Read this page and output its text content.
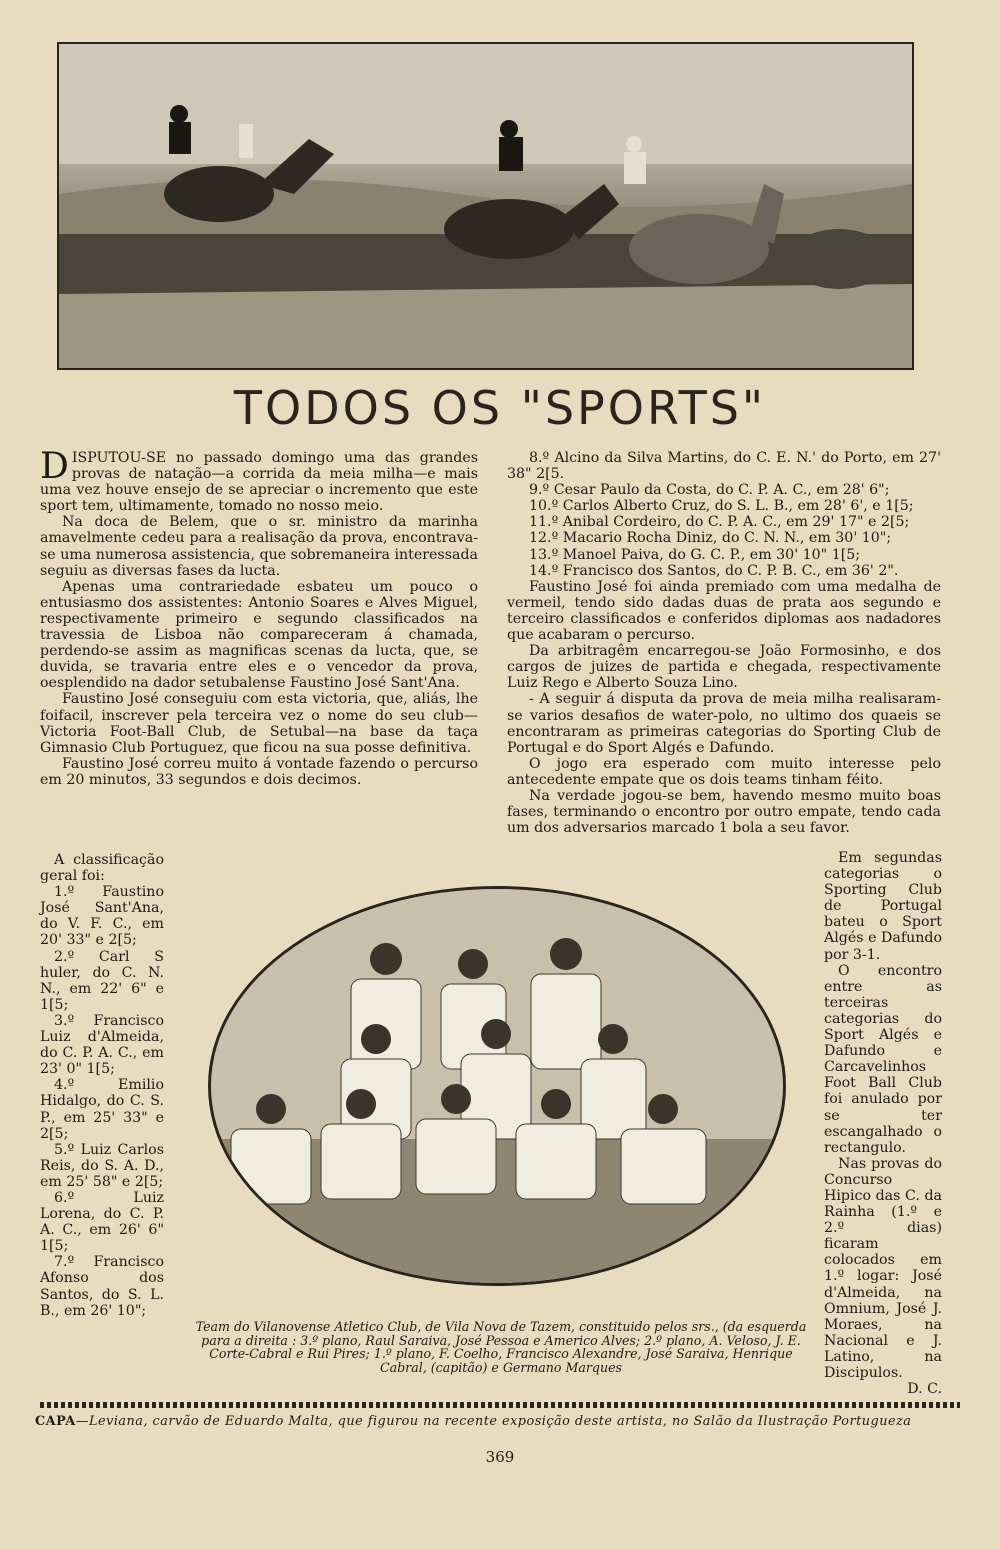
TODOS OS "SPORTS"

DISPUTOU-SE no passado domingo uma das grandes provas de natação—a corrida da meia milha—e mais uma vez houve ensejo de se apreciar o incremento que este sport tem, ultimamente, tomado no nosso meio.

Na doca de Belem, que o sr. ministro da marinha amavelmente cedeu para a realisação da prova, encontrava-se uma numerosa assistencia, que sobremaneira interessada seguiu as diversas fases da lucta.

Apenas uma contrariedade esbateu um pouco o entusiasmo dos assistentes: Antonio Soares e Alves Miguel, respectivamente primeiro e segundo classificados na travessia de Lisboa não compareceram á chamada, perdendo-se assim as magnificas scenas da lucta, que, se duvida, se travaria entre eles e o vencedor da prova, oesplendido na dador setubalense Faustino José Sant'Ana.

Faustino José conseguiu com esta victoria, que, aliás, lhe foifacil, inscrever pela terceira vez o nome do seu club—Victoria Foot-Ball Club, de Setubal—na base da taça Gimnasio Club Portuguez, que ficou na sua posse definitiva.

Faustino José correu muito á vontade fazendo o percurso em 20 minutos, 33 segundos e dois decimos.

A classificação geral foi:

1.º Faustino José Sant'Ana, do V. F. C., em 20' 33" e 2[5;

2.º Carl S huler, do C. N. N., em 22' 6" e 1[5;

3.º Francisco Luiz d'Almeida, do C. P. A. C., em 23' 0" 1[5;

4.º Emilio Hidalgo, do C. S. P., em 25' 33" e 2[5;

5.º Luiz Carlos Reis, do S. A. D., em 25' 58" e 2[5;

6.º Luiz Lorena, do C. P. A. C., em 26' 6" 1[5;

7.º Francisco Afonso dos Santos, do S. L. B., em 26' 10";

8.º Alcino da Silva Martins, do C. E. N.' do Porto, em 27' 38" 2[5.

9.º Cesar Paulo da Costa, do C. P. A. C., em 28' 6";

10.º Carlos Alberto Cruz, do S. L. B., em 28' 6', e 1[5;

11.º Anibal Cordeiro, do C. P. A. C., em 29' 17" e 2[5;

12.º Macario Rocha Diniz, do C. N. N., em 30' 10";

13.º Manoel Paiva, do G. C. P., em 30' 10" 1[5;

14.º Francisco dos Santos, do C. P. B. C., em 36' 2".

Faustino José foi ainda premiado com uma medalha de vermeil, tendo sido dadas duas de prata aos segundo e terceiro classificados e conferidos diplomas aos nadadores que acabaram o percurso.

Da arbitragêm encarregou-se João Formosinho, e dos cargos de juizes de partida e chegada, respectivamente Luiz Rego e Alberto Souza Lino.

- A seguir á disputa da prova de meia milha realisaram-se varios desafios de water-polo, no ultimo dos quaeis se encontraram as primeiras categorias do Sporting Club de Portugal e do Sport Algés e Dafundo.

O jogo era esperado com muito interesse pelo antecedente empate que os dois teams tinham féito.

Na verdade jogou-se bem, havendo mesmo muito boas fases, terminando o encontro por outro empate, tendo cada um dos adversarios marcado 1 bola a seu favor.

Em segundas categorias o Sporting Club de Portugal bateu o Sport Algés e Dafundo por 3-1.

O encontro entre as terceiras categorias do Sport Algés e Dafundo e Carcavelinhos Foot Ball Club foi anulado por se ter escangalhado o rectangulo.

Nas provas do Concurso Hipico das C. da Rainha (1.º e 2.º dias) ficaram colocados em 1.º logar: José d'Almeida, na Omnium, José J. Moraes, na Nacional e J. Latino, na Discipulos.

D. C.

Team do Vilanovense Atletico Club, de Vila Nova de Tazem, constituido pelos srs., (da esquerda para a direita : 3.º plano, Raul Saraiva, José Pessoa e Americo Alves; 2.º plano, A. Veloso, J. E. Corte-Cabral e Rui Pires; 1.º plano, F. Coelho, Francisco Alexandre, José Saraiva, Henrique Cabral, (capitão) e Germano Marques
CAPA—Leviana, carvão de Eduardo Malta, que figurou na recente exposição deste artista, no Salão da Ilustração Portugueza
369
